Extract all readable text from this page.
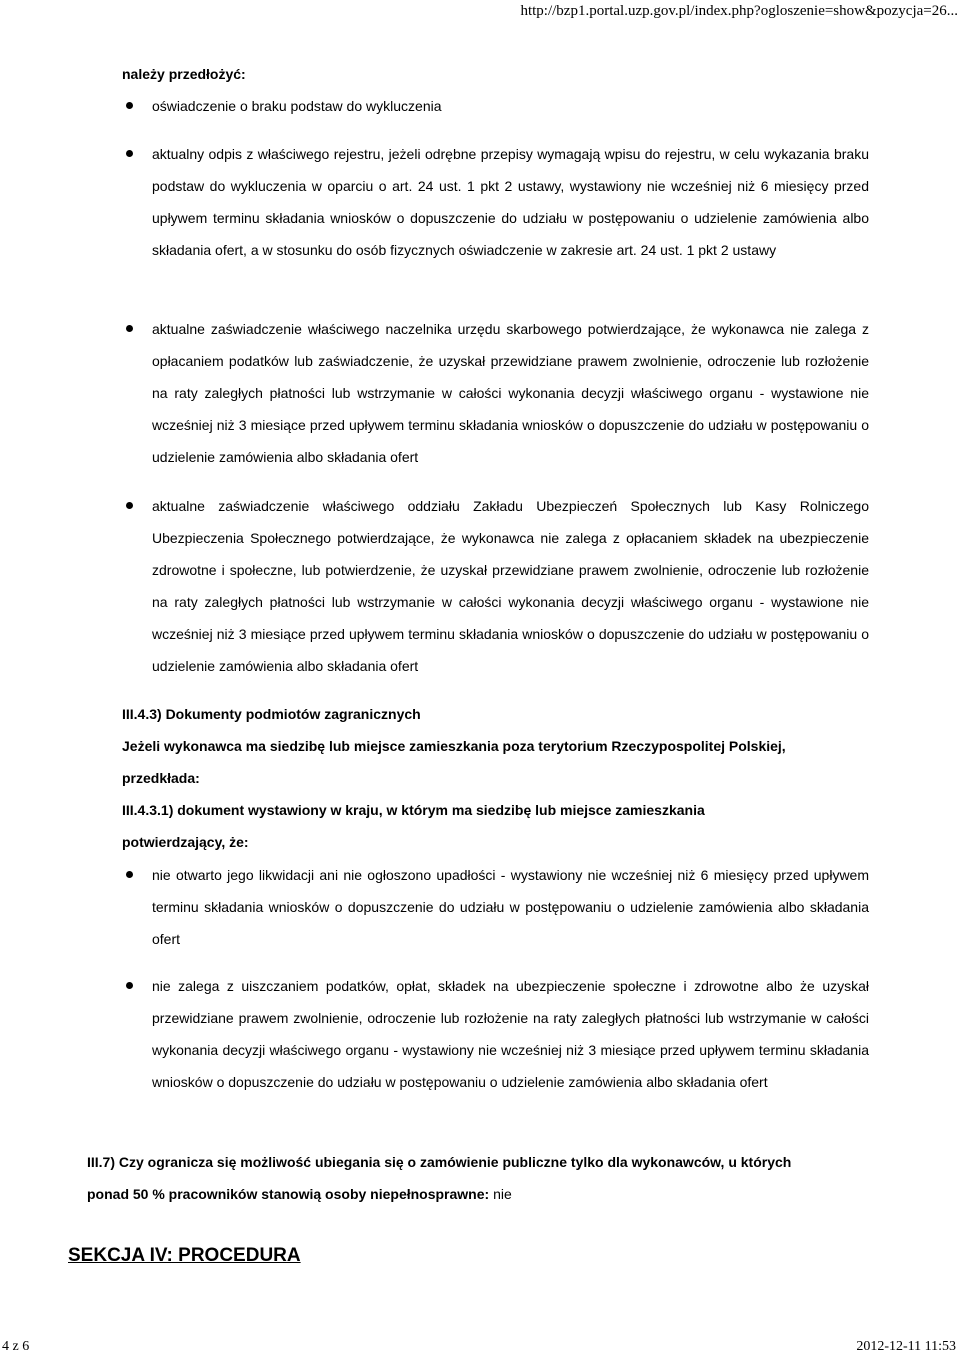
http://bzp1.portal.uzp.gov.pl/index.php?ogloszenie=show&pozycja=26...
należy przedłożyć:
oświadczenie o braku podstaw do wykluczenia
aktualny odpis z właściwego rejestru, jeżeli odrębne przepisy wymagają wpisu do rejestru, w celu wykazania braku podstaw do wykluczenia w oparciu o art. 24 ust. 1 pkt 2 ustawy, wystawiony nie wcześniej niż 6 miesięcy przed upływem terminu składania wniosków o dopuszczenie do udziału w postępowaniu o udzielenie zamówienia albo składania ofert, a w stosunku do osób fizycznych oświadczenie w zakresie art. 24 ust. 1 pkt 2 ustawy
aktualne zaświadczenie właściwego naczelnika urzędu skarbowego potwierdzające, że wykonawca nie zalega z opłacaniem podatków lub zaświadczenie, że uzyskał przewidziane prawem zwolnienie, odroczenie lub rozłożenie na raty zaległych płatności lub wstrzymanie w całości wykonania decyzji właściwego organu - wystawione nie wcześniej niż 3 miesiące przed upływem terminu składania wniosków o dopuszczenie do udziału w postępowaniu o udzielenie zamówienia albo składania ofert
aktualne zaświadczenie właściwego oddziału Zakładu Ubezpieczeń Społecznych lub Kasy Rolniczego Ubezpieczenia Społecznego potwierdzające, że wykonawca nie zalega z opłacaniem składek na ubezpieczenie zdrowotne i społeczne, lub potwierdzenie, że uzyskał przewidziane prawem zwolnienie, odroczenie lub rozłożenie na raty zaległych płatności lub wstrzymanie w całości wykonania decyzji właściwego organu - wystawione nie wcześniej niż 3 miesiące przed upływem terminu składania wniosków o dopuszczenie do udziału w postępowaniu o udzielenie zamówienia albo składania ofert
III.4.3) Dokumenty podmiotów zagranicznych
Jeżeli wykonawca ma siedzibę lub miejsce zamieszkania poza terytorium Rzeczypospolitej Polskiej,
przedkłada:
III.4.3.1) dokument wystawiony w kraju, w którym ma siedzibę lub miejsce zamieszkania
potwierdzający, że:
nie otwarto jego likwidacji ani nie ogłoszono upadłości - wystawiony nie wcześniej niż 6 miesięcy przed upływem terminu składania wniosków o dopuszczenie do udziału w postępowaniu o udzielenie zamówienia albo składania ofert
nie zalega z uiszczaniem podatków, opłat, składek na ubezpieczenie społeczne i zdrowotne albo że uzyskał przewidziane prawem zwolnienie, odroczenie lub rozłożenie na raty zaległych płatności lub wstrzymanie w całości wykonania decyzji właściwego organu - wystawiony nie wcześniej niż 3 miesiące przed upływem terminu składania wniosków o dopuszczenie do udziału w postępowaniu o udzielenie zamówienia albo składania ofert
III.7) Czy ogranicza się możliwość ubiegania się o zamówienie publiczne tylko dla wykonawców, u których
ponad 50 % pracowników stanowią osoby niepełnosprawne: nie
SEKCJA IV: PROCEDURA
4 z 6	2012-12-11 11:53
